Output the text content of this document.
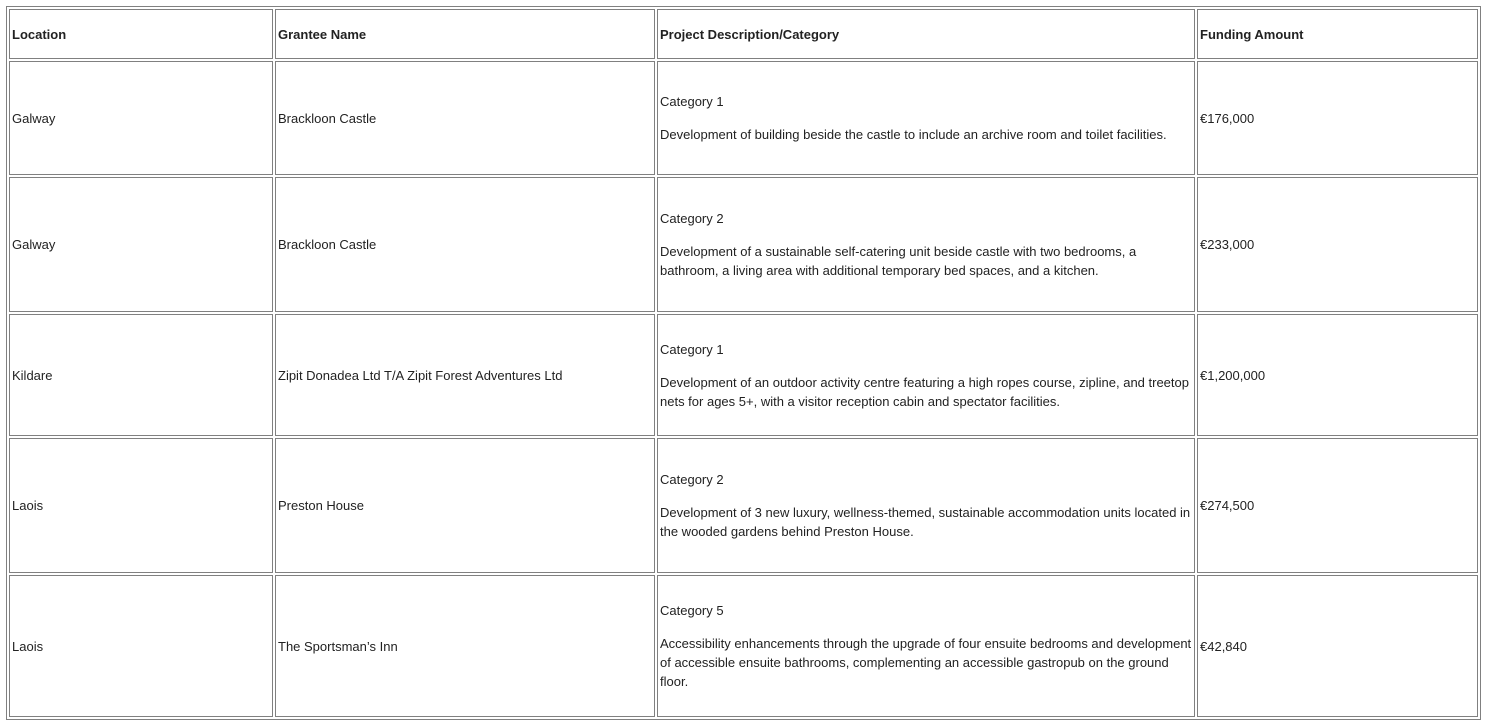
Location	Grantee Name	Project Description/Category	Funding Amount
Galway	Brackloon Castle	Category 1

Development of building beside the castle to include an archive room and toilet facilities.	€176,000
Galway	Brackloon Castle	Category 2

Development of a sustainable self-catering unit beside castle with two bedrooms, a bathroom, a living area with additional temporary bed spaces, and a kitchen.	€233,000
Kildare	Zipit Donadea Ltd T/A Zipit Forest Adventures Ltd	Category 1

Development of an outdoor activity centre featuring a high ropes course, zipline, and treetop nets for ages 5+, with a visitor reception cabin and spectator facilities.	€1,200,000
Laois	Preston House	Category 2

Development of 3 new luxury, wellness-themed, sustainable accommodation units located in the wooded gardens behind Preston House.	€274,500
Laois	The Sportsman’s Inn	Category 5

Accessibility enhancements through the upgrade of four ensuite bedrooms and development of accessible ensuite bathrooms, complementing an accessible gastropub on the ground floor.	€42,840
